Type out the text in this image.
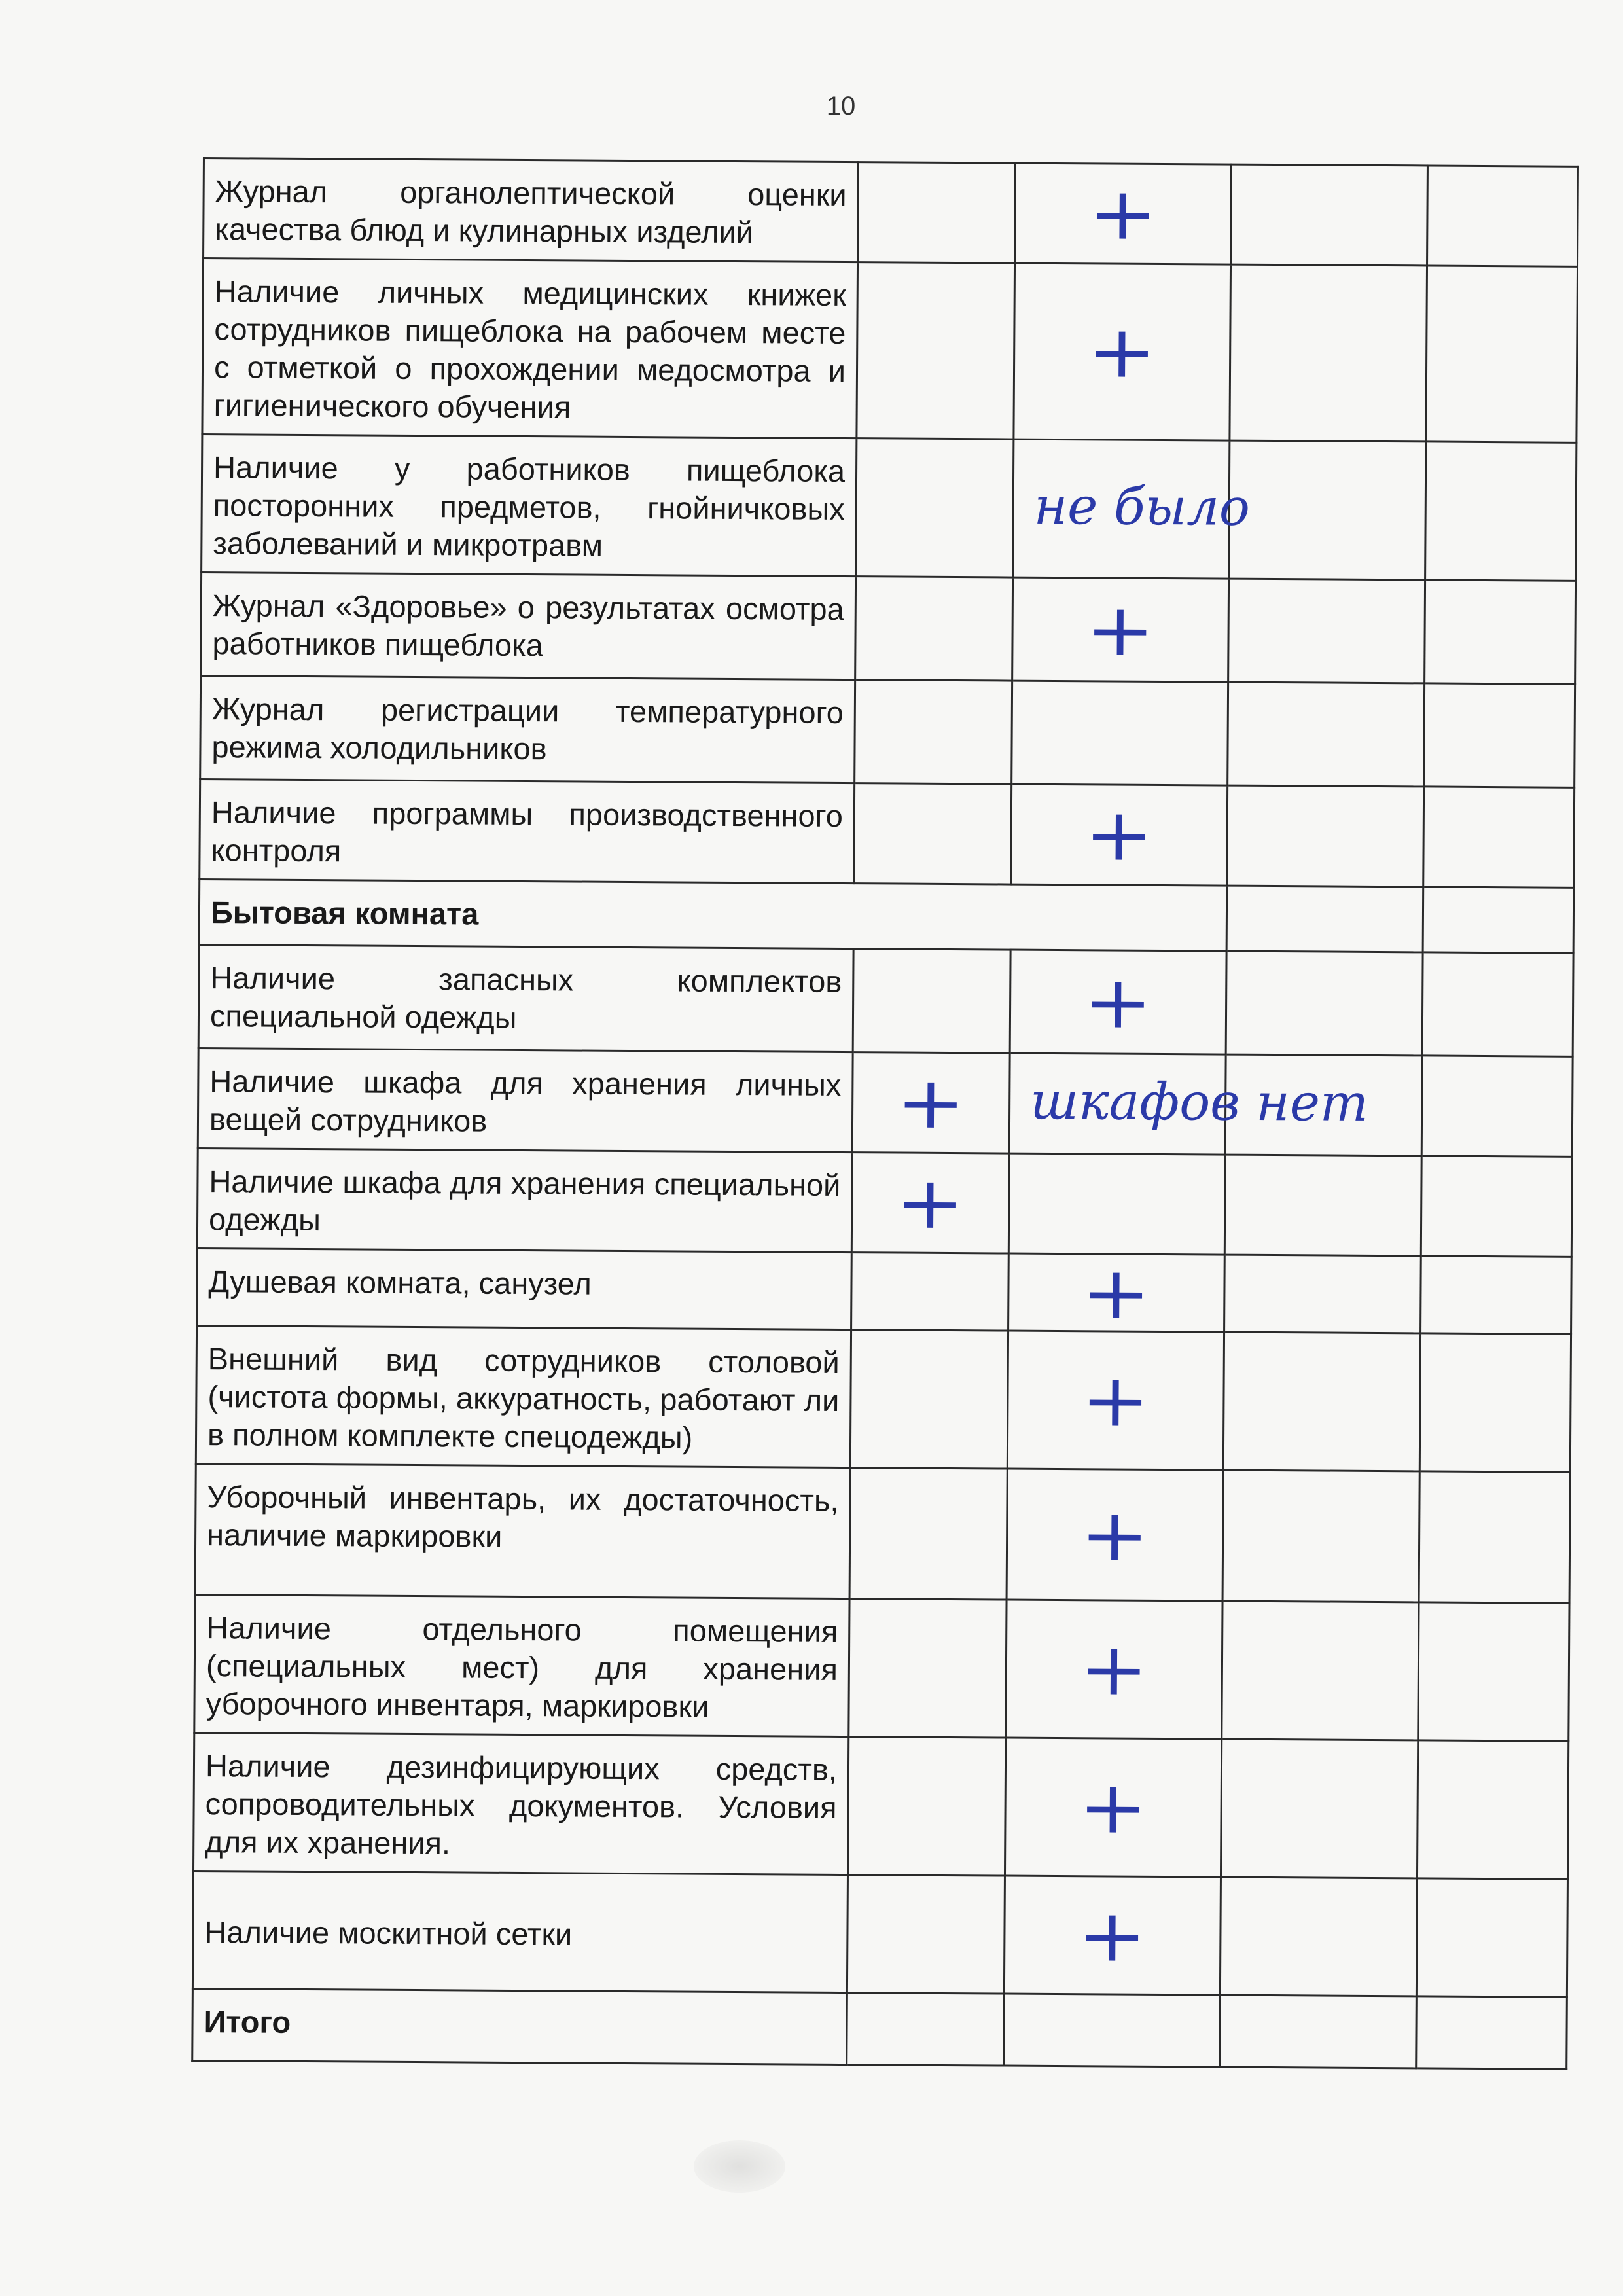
10
Журнал органолептической оценки качества блюд и кулинарных изделий		+		
Наличие личных медицинских книжек сотрудников пищеблока на рабочем месте с отметкой о прохождении медосмотра и гигиенического обучения		+		
Наличие у работников пищеблока посторонних предметов, гнойничковых заболеваний и микротравм		не было		

Журнал «Здоровье» о результатах осмотра работников пищеблока		+		
Журнал регистрации температурного режима холодильников				
Наличие программы производственного контроля		+		
Бытовая комната				
Наличие запасных комплектов специальной одежды		+		
Наличие шкафа для хранения личных вещей сотрудников	+	шкафов нет		

Наличие шкафа для хранения специальной одежды	+			
Душевая комната, санузел		+		
Внешний вид сотрудников столовой (чистота формы, аккуратность, работают ли в полном комплекте спецодежды)		+		
Уборочный инвентарь, их достаточность, наличие маркировки		+		
Наличие отдельного помещения (специальных мест) для хранения уборочного инвентаря, маркировки		+		
Наличие дезинфицирующих средств, сопроводительных документов. Условия для их хранения.		+		
Наличие москитной сетки		+		
Итого				
